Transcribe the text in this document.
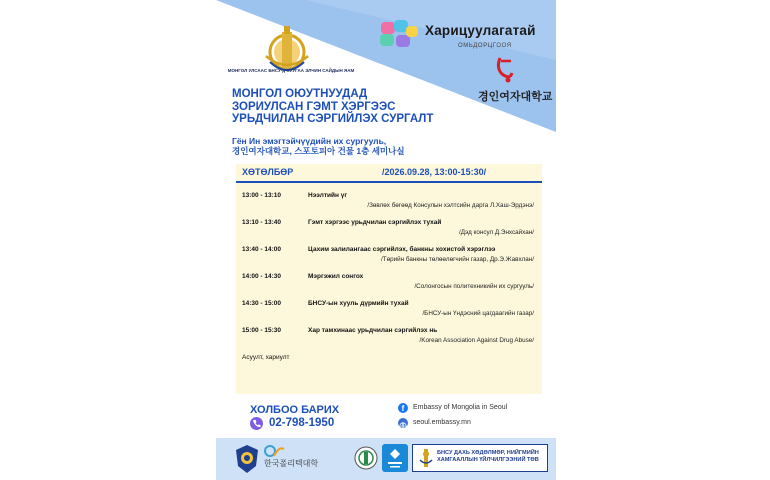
МОНГОЛ УЛСААС БНСУ-д СУУГАА ЭЛЧИН САЙДЫН ЯАМ
Харицуулагатай
ОМЬДОРЦГООЯ
경인여자대학교
МОНГОЛ ОЮУТНУУДАД
ЗОРИУЛСАН ГЭМТ ХЭРГЭЭС
УРЬДЧИЛАН СЭРГИЙЛЭХ СУРГАЛТ
Гён Ин эмэгтэйчүүдийн их сургууль,
경인여자대학교, 스포토피아 건물 1층 세미나실
ХӨТӨЛБӨР	/2026.09.28, 13:00-15:30/
13:00 - 13:10	Нээлтийн үг
/Зөвлөх бөгөөд Консулын хэлтсийн дарга Л.Хаш-Эрдэнэ/
13:10 - 13:40	Гэмт хэргээс урьдчилан сэргийлэх тухай
/Дэд консул Д.Энхсайхан/
13:40 - 14:00	Цахим залилангаас сэргийлэх, банкны хохистой хэрэглээ
/Төрийн банкны төлөөлөгчийн газар, Др.Э.Жавхлан/
14:00 - 14:30	Мэргэжил сонгох
/Солонгосын политехникийн их сургууль/
14:30 - 15:00	БНСУ-ын хууль дүрмийн тухай
/БНСУ-ын Үндэсний цагдаагийн газар/
15:00 - 15:30	Хар тамхинаас урьдчилан сэргийлэх нь
/Korean Association Against Drug Abuse/
Асуулт, хариулт
ХОЛБОО БАРИХ
02-798-1950
f	Embassy of Mongolia in Seoul
seoul.embassy.mn
한국폴리텍대학
БНСУ ДАХЬ ХӨДӨЛМӨР, НИЙГМИЙН ХАМГААЛЛЫН ҮЙЛЧИЛГЭЭНИЙ ТӨВ
